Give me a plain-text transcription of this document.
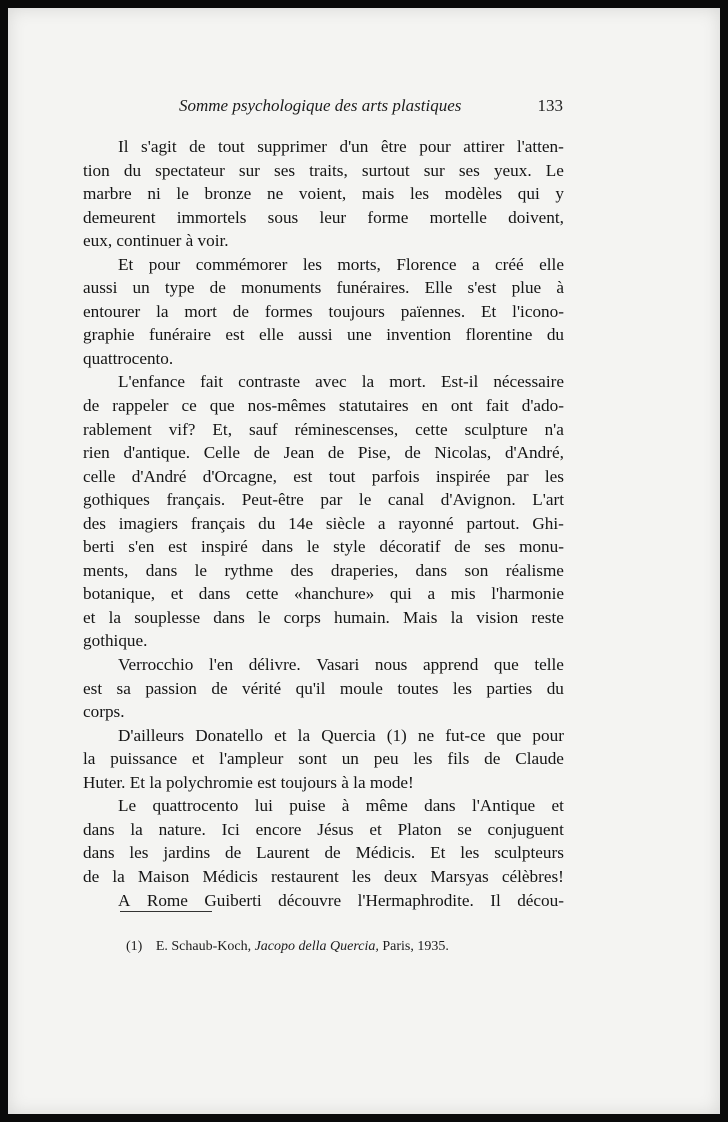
Somme psychologique des arts plastiques	133
Il s'agit de tout supprimer d'un être pour attirer l'atten-
tion du spectateur sur ses traits, surtout sur ses yeux. Le
marbre ni le bronze ne voient, mais les modèles qui y
demeurent immortels sous leur forme mortelle doivent,
eux, continuer à voir.
Et pour commémorer les morts, Florence a créé elle
aussi un type de monuments funéraires. Elle s'est plue à
entourer la mort de formes toujours païennes. Et l'icono-
graphie funéraire est elle aussi une invention florentine du
quattrocento.
L'enfance fait contraste avec la mort. Est-il nécessaire
de rappeler ce que nos-mêmes statutaires en ont fait d'ado-
rablement vif? Et, sauf réminescenses, cette sculpture n'a
rien d'antique. Celle de Jean de Pise, de Nicolas, d'André,
celle d'André d'Orcagne, est tout parfois inspirée par les
gothiques français. Peut-être par le canal d'Avignon. L'art
des imagiers français du 14e siècle a rayonné partout. Ghi-
berti s'en est inspiré dans le style décoratif de ses monu-
ments, dans le rythme des draperies, dans son réalisme
botanique, et dans cette «hanchure» qui a mis l'harmonie
et la souplesse dans le corps humain. Mais la vision reste
gothique.
Verrocchio l'en délivre. Vasari nous apprend que telle
est sa passion de vérité qu'il moule toutes les parties du
corps.
D'ailleurs Donatello et la Quercia (1) ne fut-ce que pour
la puissance et l'ampleur sont un peu les fils de Claude
Huter. Et la polychromie est toujours à la mode!
Le quattrocento lui puise à même dans l'Antique et
dans la nature. Ici encore Jésus et Platon se conjuguent
dans les jardins de Laurent de Médicis. Et les sculpteurs
de la Maison Médicis restaurent les deux Marsyas célèbres!
A Rome Guiberti découvre l'Hermaphrodite. Il décou-
(1) E. Schaub-Koch, Jacopo della Quercia, Paris, 1935.
